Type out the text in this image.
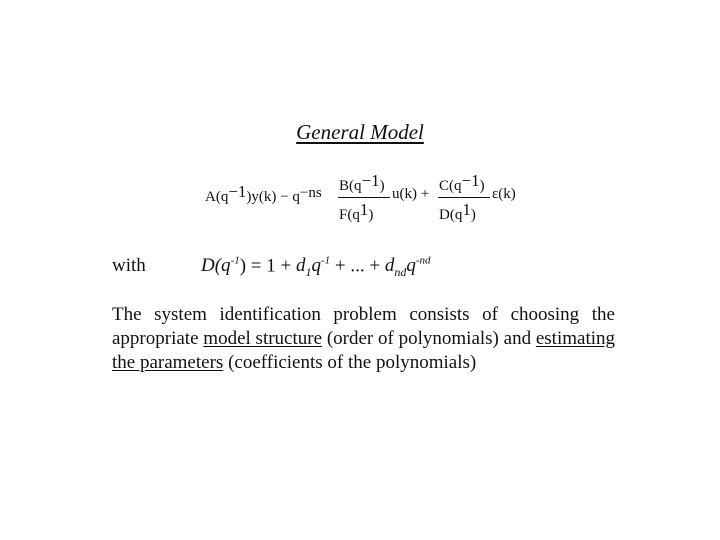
General Model
A(q−1)y(k) − q−ns B(q−1)
F(q1)
u(k) + C(q−1)
D(q1)
ε(k)
with	$D(q^{-1}) = 1 + d_1q^{-1}$ + ... + $d_{nd}q^{-nd}$
The system identification problem consists of choosing the appropriate model structure (order of polynomials) and estimating the parameters (coefficients of the polynomials)
